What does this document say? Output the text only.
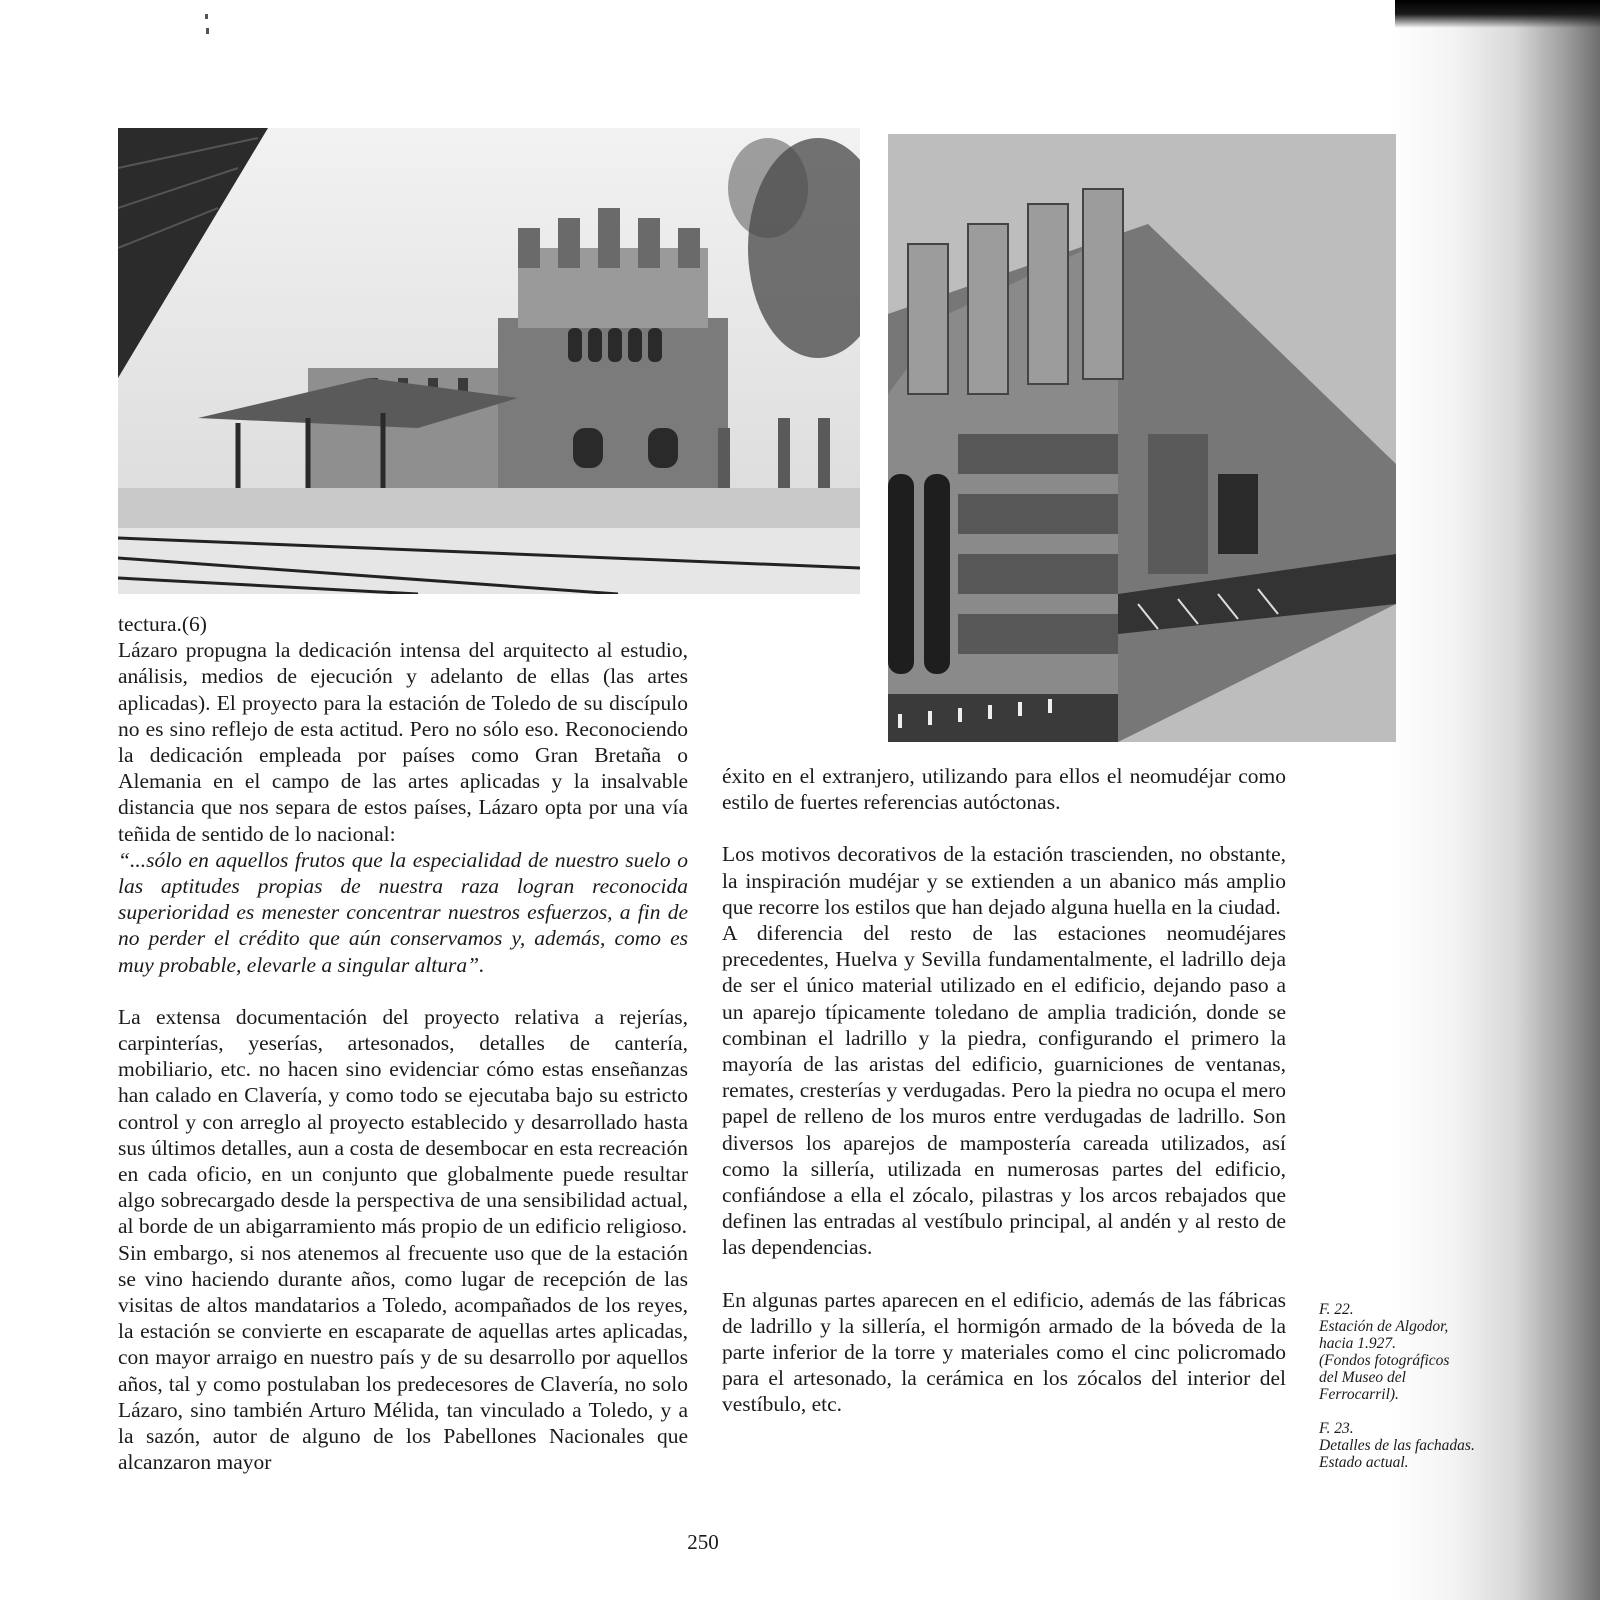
tectura.(6)

Lázaro propugna la dedicación intensa del arquitecto al estudio, análisis, medios de ejecución y adelanto de ellas (las artes aplicadas). El proyecto para la estación de Toledo de su discípulo no es sino reflejo de esta actitud. Pero no sólo eso. Reconociendo la dedicación empleada por países como Gran Bretaña o Alemania en el campo de las artes aplicadas y la insalvable distancia que nos separa de estos países, Lázaro opta por una vía teñida de sentido de lo nacional:

“...sólo en aquellos frutos que la especialidad de nuestro suelo o las aptitudes propias de nuestra raza logran reconocida superioridad es menester concentrar nuestros esfuerzos, a fin de no perder el crédito que aún conservamos y, además, como es muy probable, elevarle a singular altura”.

La extensa documentación del proyecto relativa a rejerías, carpinterías, yeserías, artesonados, detalles de cantería, mobiliario, etc. no hacen sino evidenciar cómo estas enseñanzas han calado en Clavería, y como todo se ejecutaba bajo su estricto control y con arreglo al proyecto establecido y desarrollado hasta sus últimos detalles, aun a costa de desembocar en esta recreación en cada oficio, en un conjunto que globalmente puede resultar algo sobrecargado desde la perspectiva de una sensibilidad actual, al borde de un abigarramiento más propio de un edificio religioso.

Sin embargo, si nos atenemos al frecuente uso que de la estación se vino haciendo durante años, como lugar de recepción de las visitas de altos mandatarios a Toledo, acompañados de los reyes, la estación se convierte en escaparate de aquellas artes aplicadas, con mayor arraigo en nuestro país y de su desarrollo por aquellos años, tal y como postulaban los predecesores de Clavería, no solo Lázaro, sino también Arturo Mélida, tan vinculado a Toledo, y a la sazón, autor de alguno de los Pabellones Nacionales que alcanzaron mayor

éxito en el extranjero, utilizando para ellos el neomudéjar como estilo de fuertes referencias autóctonas.

Los motivos decorativos de la estación trascienden, no obstante, la inspiración mudéjar y se extienden a un abanico más amplio que recorre los estilos que han dejado alguna huella en la ciudad.

A diferencia del resto de las estaciones neomudéjares precedentes, Huelva y Sevilla fundamentalmente, el ladrillo deja de ser el único material utilizado en el edificio, dejando paso a un aparejo típicamente toledano de amplia tradición, donde se combinan el ladrillo y la piedra, configurando el primero la mayoría de las aristas del edificio, guarniciones de ventanas, remates, cresterías y verdugadas. Pero la piedra no ocupa el mero papel de relleno de los muros entre verdugadas de ladrillo. Son diversos los aparejos de mampostería careada utilizados, así como la sillería, utilizada en numerosas partes del edificio, confiándose a ella el zócalo, pilastras y los arcos rebajados que definen las entradas al vestíbulo principal, al andén y al resto de las dependencias.

En algunas partes aparecen en el edificio, además de las fábricas de ladrillo y la sillería, el hormigón armado de la bóveda de la parte inferior de la torre y materiales como el cinc policromado para el artesonado, la cerámica en los zócalos del interior del vestíbulo, etc.

F. 22.
Estación de Algodor,
hacia 1.927.
(Fondos fotográficos
del Museo del
Ferrocarril).
F. 23.
Detalles de las fachadas.
Estado actual.
250
